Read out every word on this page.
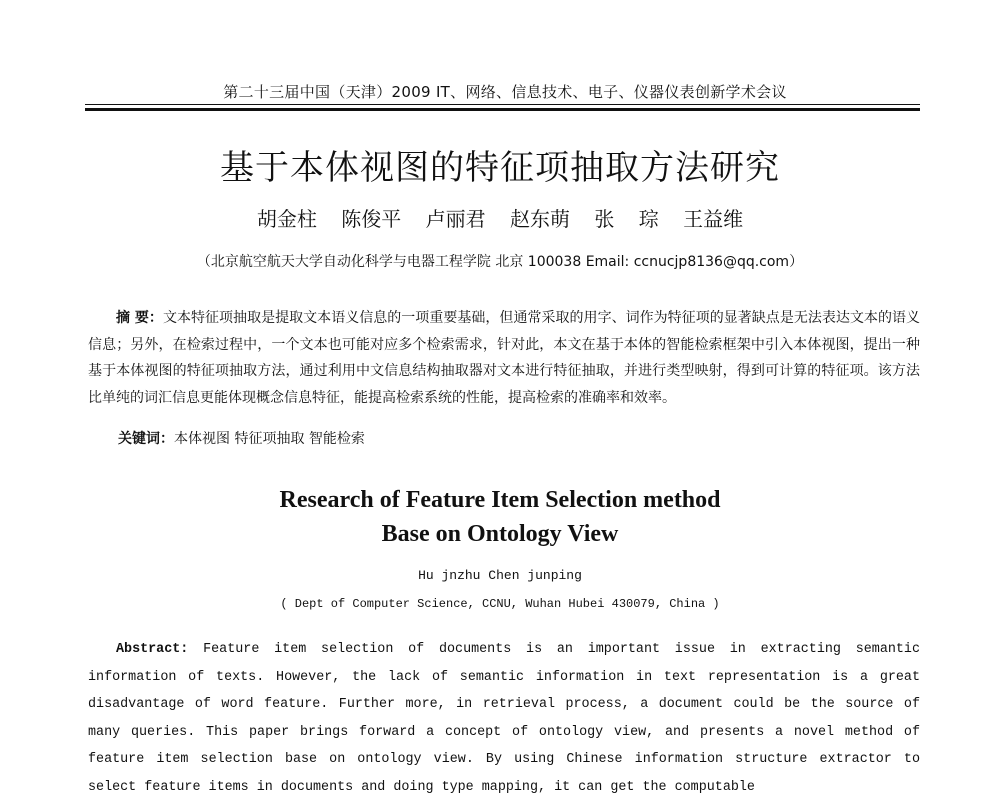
第二十三届中国（天津）2009 IT、网络、信息技术、电子、仪器仪表创新学术会议
基于本体视图的特征项抽取方法研究
胡金柱 陈俊平 卢丽君 赵东萌 张 琮 王益维
（北京航空航天大学自动化科学与电器工程学院 北京 100038 Email: ccnucjp8136@qq.com）
摘 要：文本特征项抽取是提取文本语义信息的一项重要基础，但通常采取的用字、词作为特征项的显著缺点是无法表达文本的语义信息；另外，在检索过程中，一个文本也可能对应多个检索需求，针对此，本文在基于本体的智能检索框架中引入本体视图，提出一种基于本体视图的特征项抽取方法，通过利用中文信息结构抽取器对文本进行特征抽取，并进行类型映射，得到可计算的特征项。该方法比单纯的词汇信息更能体现概念信息特征，能提高检索系统的性能，提高检索的准确率和效率。
关键词：本体视图 特征项抽取 智能检索
Research of Feature Item Selection method
Base on Ontology View
Hu jnzhu Chen junping
( Dept of Computer Science, CCNU, Wuhan Hubei 430079, China )
Abstract: Feature item selection of documents is an important issue in extracting semantic information of texts. However, the lack of semantic information in text representation is a great disadvantage of word feature. Further more, in retrieval process, a document could be the source of many queries. This paper brings forward a concept of ontology view, and presents a novel method of feature item selection base on ontology view. By using Chinese information structure extractor to select feature items in documents and doing type mapping, it can get the computable
